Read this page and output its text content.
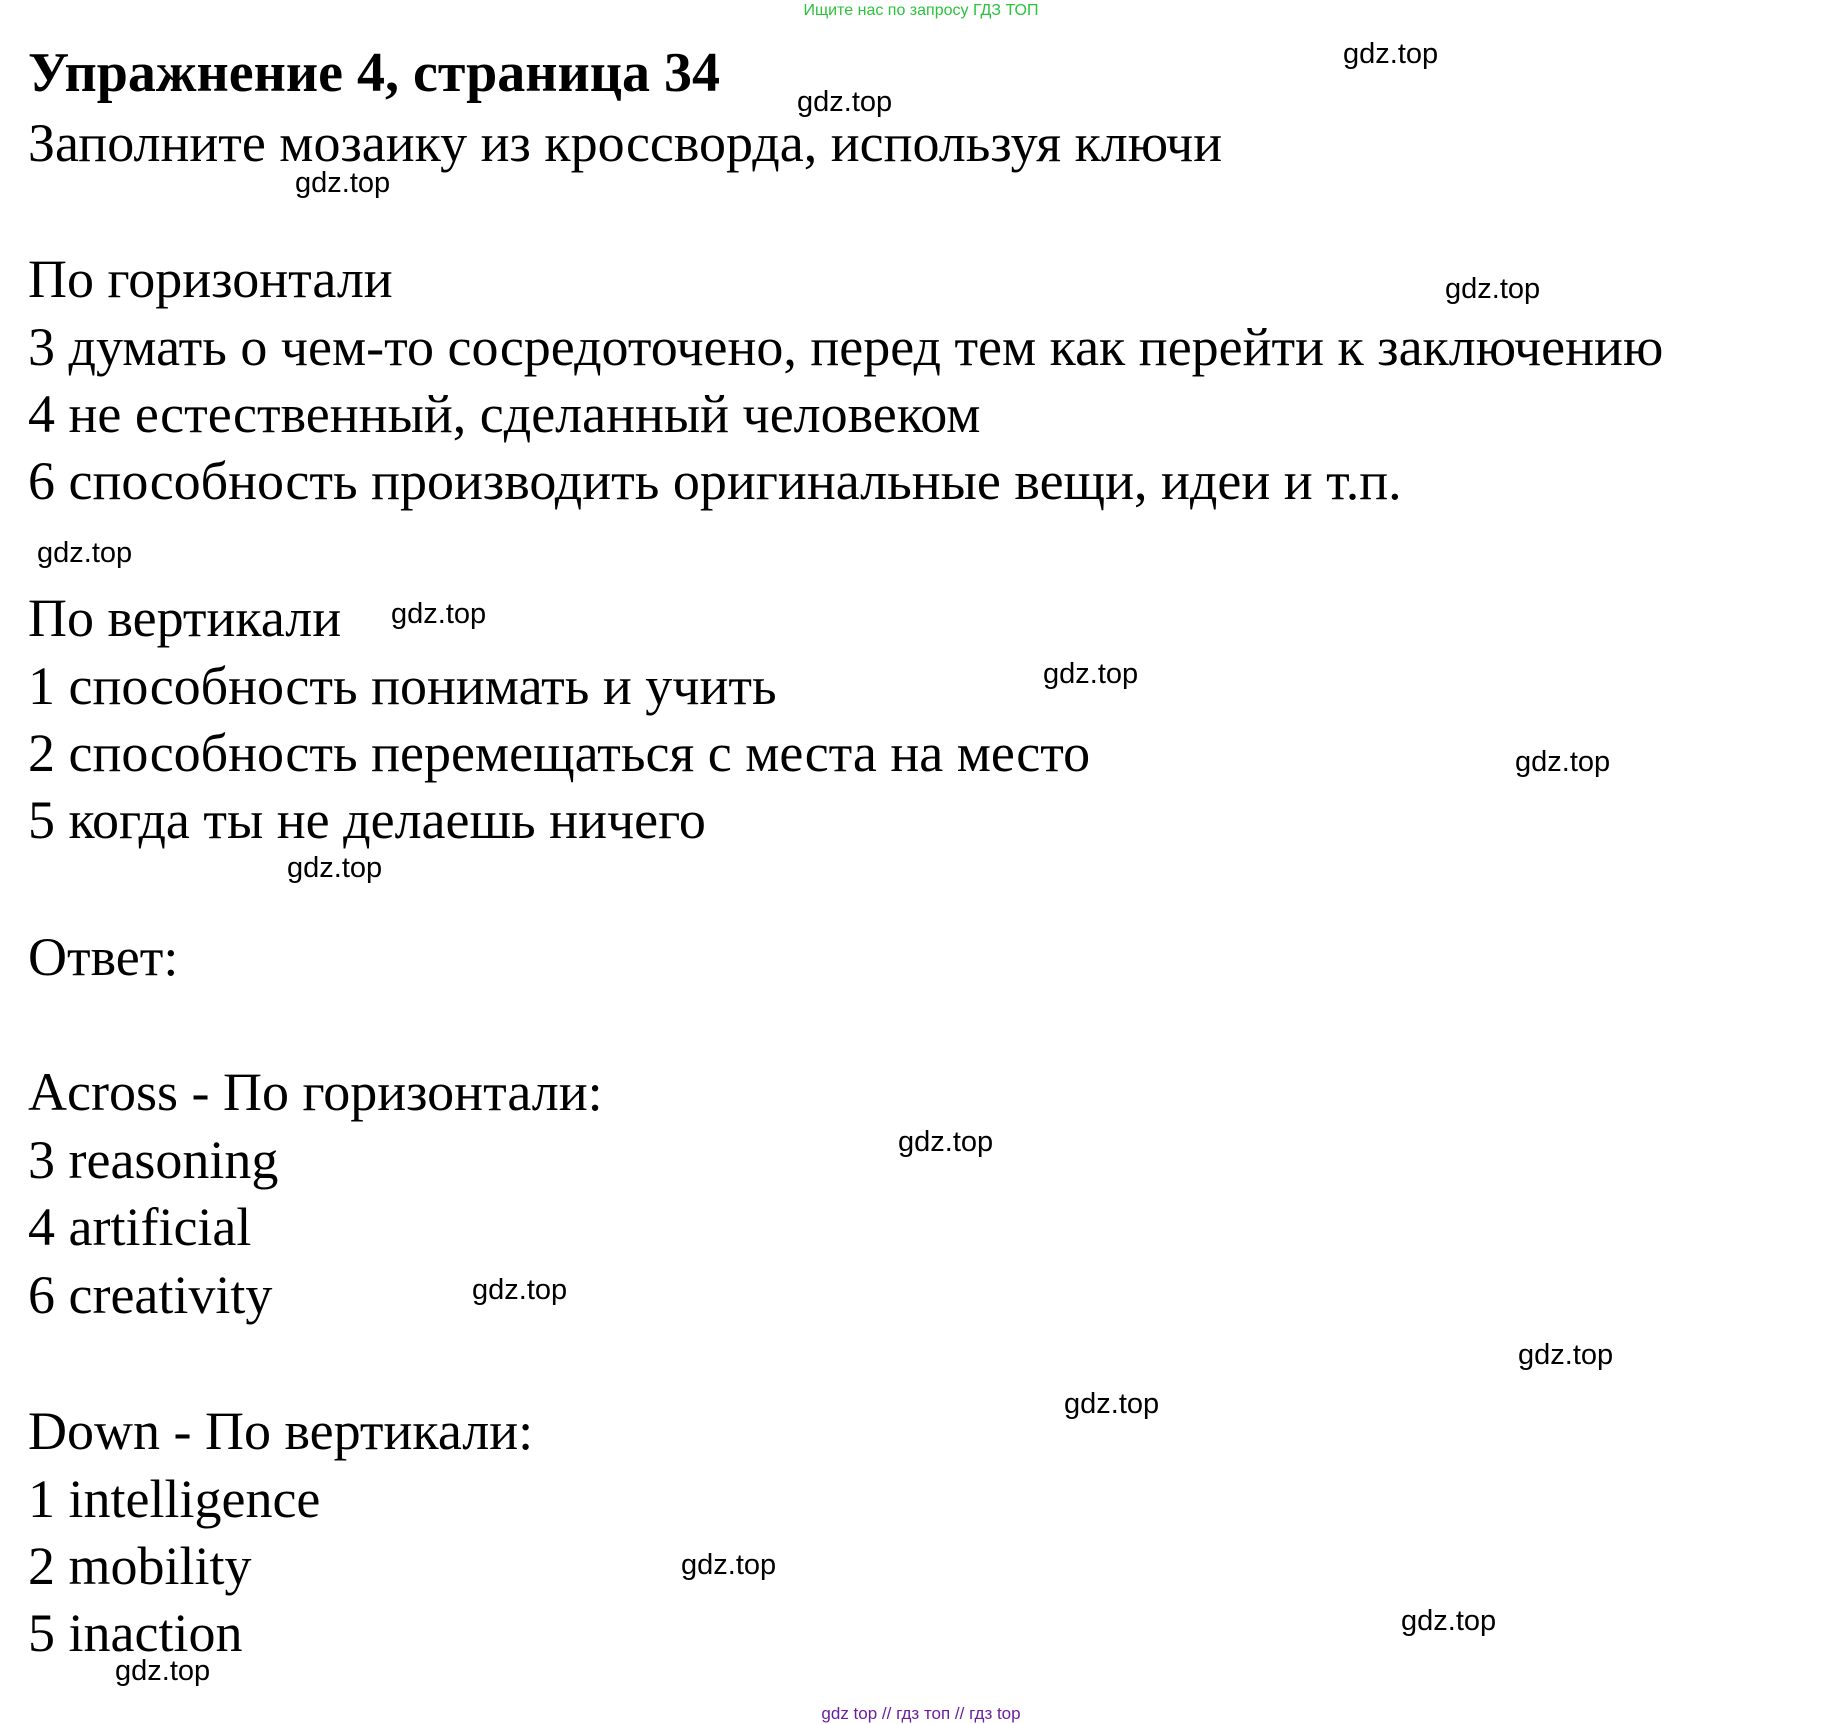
Ищите нас по запросу ГДЗ ТОП
Упражнение 4, страница 34
Заполните мозаику из кроссворда, используя ключи
По горизонтали
3 думать о чем-то сосредоточено, перед тем как перейти к заключению
4 не естественный, сделанный человеком
6 способность производить оригинальные вещи, идеи и т.п.
По вертикали
1 способность понимать и учить
2 способность перемещаться с места на место
5 когда ты не делаешь ничего
Ответ:
Across - По горизонтали:
3 reasoning
4 artificial
6 creativity
Down - По вертикали:
1 intelligence
2 mobility
5 inaction
gdz.top
gdz.top
gdz.top
gdz.top
gdz.top
gdz.top
gdz.top
gdz.top
gdz.top
gdz.top
gdz.top
gdz.top
gdz.top
gdz.top
gdz.top
gdz.top
gdz top // гдз топ // гдз top
